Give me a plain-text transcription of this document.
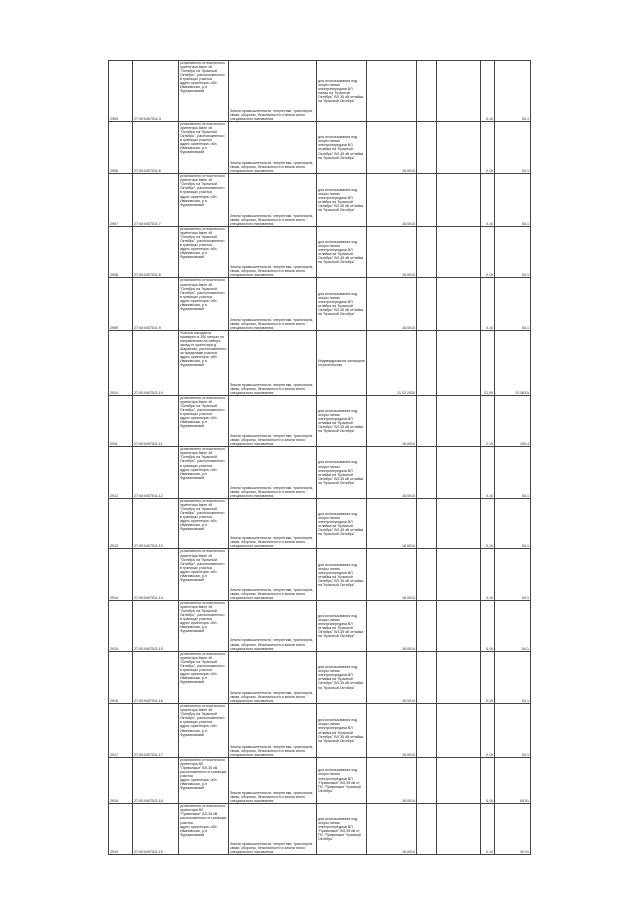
2905	27:00:0407511:4	установлено относительно ориентира 8млн ±8
"Октябрь на "Красный Октябрь", расположенного в границах участка
адрес ориентира: обл. Ивановская, р-н Фурмановский	Земли промышленности, энергетики, транспорта, связи, обороны, безопасности и земли иного специального назначения	для использования под опоры линии электропередачи ВЛ
линии на "Красный Октябрь" ВЛ-35 кВ отпайка на "Красный Октябрь"				0,10	54,1

2906	27:00:0407511:6	установлено относительно ориентира 8млн ±8
"Октябрь на "Красный Октябрь", расположенного в границах участка
адрес ориентира: обл. Ивановская, р-н Фурмановский	Земли промышленности, энергетики, транспорта, связи, обороны, безопасности и земли иного специального назначения	для использования под опоры линии электропередачи ВЛ
отпайка на "Красный Октябрь" ВЛ-35 кВ отпайка на "Красный Октябрь"	16.0014			0,10	54,1

2907	27:00:0407511:7	установлено относительно ориентира 8млн ±8
"Октябрь на "Красный Октябрь", расположенного в границах участка
адрес ориентира: обл. Ивановская, р-н Фурмановский	Земли промышленности, энергетики, транспорта, связи, обороны, безопасности и земли иного специального назначения	для использования под опоры линии электропередачи ВЛ
отпайка на "Красный Октябрь" ВЛ-35 кВ отпайка на "Красный Октябрь"	16.0014			0,10	54,1

2908	27:00:0407511:8	установлено относительно ориентира 8млн ±8
"Октябрь на "Красный Октябрь", расположенного в границах участка
адрес ориентира: обл. Ивановская, р-н Фурмановский	Земли промышленности, энергетики, транспорта, связи, обороны, безопасности и земли иного специального назначения	для использования под опоры линии электропередачи ВЛ
отпайка на "Красный Октябрь" ВЛ-35 кВ отпайка на "Красный Октябрь"	16.0014			0,10	54,1

2909	27:00:0407511:9	установлено относительно ориентира 8млн ±8
"Октябрь на "Красный Октябрь", расположенного в границах участка
адрес ориентира: обл. Ивановская, р-н Фурмановский	Земли промышленности, энергетики, транспорта, связи, обороны, безопасности и земли иного специального назначения	для использования под опоры линии электропередачи ВЛ
отпайка на "Красный Октябрь" ВЛ-35 кВ отпайка на "Красный Октябрь"	16.0014			0,10	54,1

2910	27:00:0407511:10	Участок находится примерно в 350 метрах по направлению на северо-запад от ориентира д. Шарапово, расположенного за пределами участка
адрес ориентира: обл. Ивановская, р-н Фурмановский	Земли промышленности, энергетики, транспорта, связи, обороны, безопасности и земли иного специального назначения	Индивидуальное жилищное строительство	11.02.2020			21,00	13 363,5

2911	27:00:0407511:11	установлено относительно ориентира 8млн ±8
"Октябрь на "Красный Октябрь", расположенного в границах участка
адрес ориентира: обл. Ивановская, р-н Фурмановский	Земли промышленности, энергетики, транспорта, связи, обороны, безопасности и земли иного специального назначения	для использования под опоры линии электропередачи ВЛ
отпайка на "Красный Октябрь" ВЛ-35 кВ отпайка на "Красный Октябрь"	16.0014			2,10	105,4

2912	27:00:0407511:12	установлено относительно ориентира 8млн ±8
"Октябрь на "Красный Октябрь", расположенного в границах участка
адрес ориентира: обл. Ивановская, р-н Фурмановский	Земли промышленности, энергетики, транспорта, связи, обороны, безопасности и земли иного специального назначения	для использования под опоры линии электропередачи ВЛ
отпайка на "Красный Октябрь" ВЛ-35 кВ отпайка на "Красный Октябрь"	16.0014			0,10	54,1

2913	27:00:0407511:13	установлено относительно ориентира 8млн ±8
"Октябрь на "Красный Октябрь", расположенного в границах участка
адрес ориентира: обл. Ивановская, р-н Фурмановский	Земли промышленности, энергетики, транспорта, связи, обороны, безопасности и земли иного специального назначения	для использования под опоры линии электропередачи ВЛ
отпайка на "Красный Октябрь" ВЛ-35 кВ отпайка на "Красный Октябрь"	16.0014			0,10	54,1

2914	27:00:0407511:14	установлено относительно ориентира 8млн ±8
"Октябрь на "Красный Октябрь", расположенного в границах участка
адрес ориентира: обл. Ивановская, р-н Фурмановский	Земли промышленности, энергетики, транспорта, связи, обороны, безопасности и земли иного специального назначения	для использования под опоры линии электропередачи ВЛ
отпайка на "Красный Октябрь" ВЛ-35 кВ отпайка на "Красный Октябрь"	16.0014			0,10	54,1

2915	27:00:0407511:15	установлено относительно ориентира 8млн ±8
"Октябрь на "Красный Октябрь", расположенного в границах участка
адрес ориентира: обл. Ивановская, р-н Фурмановский	Земли промышленности, энергетики, транспорта, связи, обороны, безопасности и земли иного специального назначения	для использования под опоры линии электропередачи ВЛ
отпайка на "Красный Октябрь" ВЛ-35 кВ отпайка на "Красный Октябрь"	16.0014			0,10	54,1

2916	27:00:0407511:16	установлено относительно ориентира 8млн ±8
"Октябрь на "Красный Октябрь", расположенного в границах участка
адрес ориентира: обл. Ивановская, р-н Фурмановский	Земли промышленности, энергетики, транспорта, связи, обороны, безопасности и земли иного специального назначения	для использования под опоры линии электропередачи ВЛ
отпайка на "Красный Октябрь" ВЛ-35 кВ отпайка на "Красный Октябрь"	16.0014			0,10	54,1

2917	27:00:0407511:17	установлено относительно ориентира 8млн ±8
"Октябрь на "Красный Октябрь", расположенного в границах участка
адрес ориентира: обл. Ивановская, р-н Фурмановский	Земли промышленности, энергетики, транспорта, связи, обороны, безопасности и земли иного специального назначения	для использования под опоры линии электропередачи ВЛ
отпайка на "Красный Октябрь" ВЛ-35 кВ отпайка на "Красный Октябрь"	16.0014			0,10	54,1

2918	27:00:0407511:18	установлено относительно ориентира ВЛ
"Приволжье" ВЛ-35 кВ, расположенного в границах участка
адрес ориентира: обл. Ивановская, р-н Фурмановский	Земли промышленности, энергетики, транспорта, связи, обороны, безопасности и земли иного специального назначения	для использования под опоры линии электропередачи ВЛ
"Приволжье" ВЛ-35 кВ от ПС "Приволжье" Красный Октябрь"	16.0014			0,10	65,91

2919	27:00:0407511:19	установлено относительно ориентира ВЛ
"Приволжье" ВЛ-35 кВ, расположенного в границах участка
адрес ориентира: обл. Ивановская, р-н Фурмановский	Земли промышленности, энергетики, транспорта, связи, обороны, безопасности и земли иного специального назначения	для использования под опоры линии электропередачи ВЛ
"Приволжье" ВЛ-35 кВ от ПС "Приволжье" Красный Октябрь"	16.0014			0,10	40,91
